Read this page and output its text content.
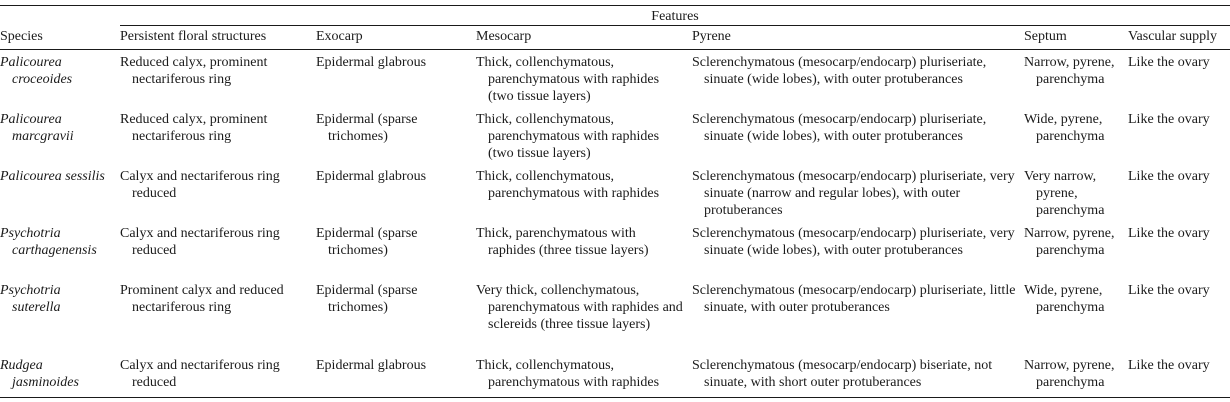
	Features					
Species	Persistent floral structures	Exocarp	Mesocarp	Pyrene	Septum	Vascular supply

Palicourea croceoides	Reduced calyx, prominent nectariferous ring	Epidermal glabrous	Thick, collenchymatous, parenchymatous with raphides (two tissue layers)	Sclerenchymatous (mesocarp/endocarp) pluriseriate, sinuate (wide lobes), with outer protuberances	Narrow, pyrene, parenchyma	Like the ovary

Palicourea marcgravii	Reduced calyx, prominent nectariferous ring	Epidermal (sparse trichomes)	Thick, collenchymatous, parenchymatous with raphides (two tissue layers)	Sclerenchymatous (mesocarp/endocarp) pluriseriate, sinuate (wide lobes), with outer protuberances	Wide, pyrene, parenchyma	Like the ovary

Palicourea sessilis	Calyx and nectariferous ring reduced	Epidermal glabrous	Thick, collenchymatous, parenchymatous with raphides	Sclerenchymatous (mesocarp/endocarp) pluriseriate, very sinuate (narrow and regular lobes), with outer protuberances	Very narrow, pyrene, parenchyma	Like the ovary

Psychotria carthagenensis	Calyx and nectariferous ring reduced	Epidermal (sparse trichomes)	Thick, parenchymatous with raphides (three tissue layers)	Sclerenchymatous (mesocarp/endocarp) pluriseriate, very sinuate (wide lobes), with outer protuberances	Narrow, pyrene, parenchyma	Like the ovary

Psychotria suterella	Prominent calyx and reduced nectariferous ring	Epidermal (sparse trichomes)	Very thick, collenchymatous, parenchymatous with raphides and sclereids (three tissue layers)	Sclerenchymatous (mesocarp/endocarp) pluriseriate, little sinuate, with outer protuberances	Wide, pyrene, parenchyma	Like the ovary

Rudgea jasminoides	Calyx and nectariferous ring reduced	Epidermal glabrous	Thick, collenchymatous, parenchymatous with raphides	Sclerenchymatous (mesocarp/endocarp) biseriate, not sinuate, with short outer protuberances	Narrow, pyrene, parenchyma	Like the ovary
